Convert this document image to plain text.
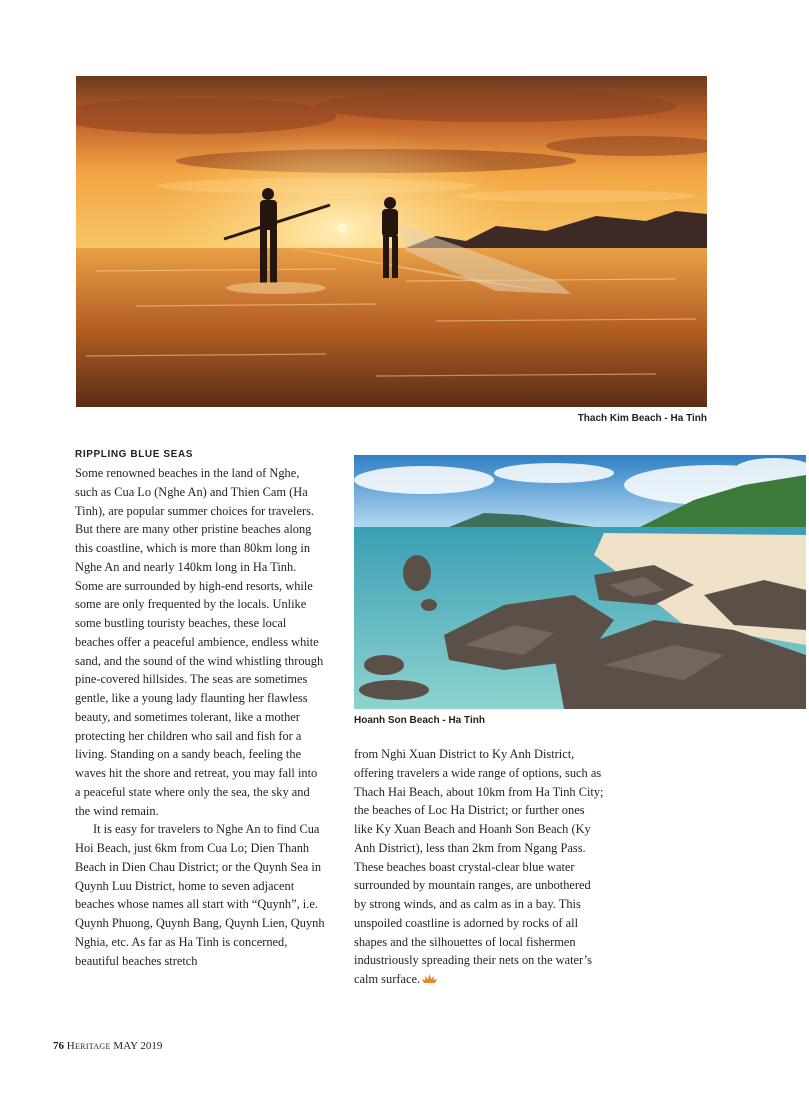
Thach Kim Beach - Ha Tinh
Hoanh Son Beach - Ha Tinh
RIPPLING BLUE SEAS

Some renowned beaches in the land of Nghe, such as Cua Lo (Nghe An) and Thien Cam (Ha Tinh), are popular summer choices for travelers. But there are many other pristine beaches along this coastline, which is more than 80km long in Nghe An and nearly 140km long in Ha Tinh. Some are surrounded by high-end resorts, while some are only frequented by the locals. Unlike some bustling touristy beaches, these local beaches offer a peaceful ambience, endless white sand, and the sound of the wind whistling through pine-covered hillsides. The seas are sometimes gentle, like a young lady flaunting her flawless beauty, and sometimes tolerant, like a mother protecting her children who sail and fish for a living. Standing on a sandy beach, feeling the waves hit the shore and retreat, you may fall into a peaceful state where only the sea, the sky and the wind remain.

It is easy for travelers to Nghe An to find Cua Hoi Beach, just 6km from Cua Lo; Dien Thanh Beach in Dien Chau District; or the Quynh Sea in Quynh Luu District, home to seven adjacent beaches whose names all start with “Quynh”, i.e. Quynh Phuong, Quynh Bang, Quynh Lien, Quynh Nghia, etc. As far as Ha Tinh is concerned, beautiful beaches stretch

from Nghi Xuan District to Ky Anh District, offering travelers a wide range of options, such as Thach Hai Beach, about 10km from Ha Tinh City; the beaches of Loc Ha District; or further ones like Ky Xuan Beach and Hoanh Son Beach (Ky Anh District), less than 2km from Ngang Pass. These beaches boast crystal-clear blue water surrounded by mountain ranges, are unbothered by strong winds, and as calm as in a bay. This unspoiled coastline is adorned by rocks of all shapes and the silhouettes of local fishermen industriously spreading their nets on the water’s calm surface.

76 Heritage MAY 2019
